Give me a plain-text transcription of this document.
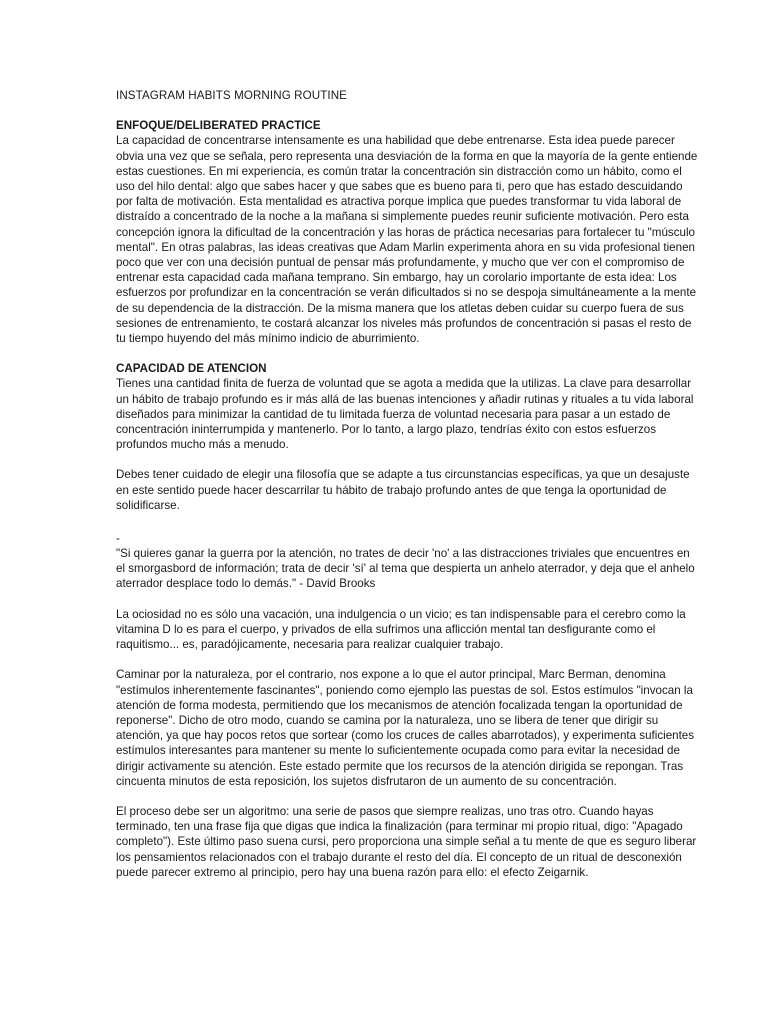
INSTAGRAM HABITS MORNING ROUTINE
ENFOQUE/DELIBERATED PRACTICE

La capacidad de concentrarse intensamente es una habilidad que debe entrenarse. Esta idea puede parecer obvia una vez que se señala, pero representa una desviación de la forma en que la mayoría de la gente entiende estas cuestiones. En mi experiencia, es común tratar la concentración sin distracción como un hábito, como el uso del hilo dental: algo que sabes hacer y que sabes que es bueno para ti, pero que has estado descuidando por falta de motivación. Esta mentalidad es atractiva porque implica que puedes transformar tu vida laboral de distraído a concentrado de la noche a la mañana si simplemente puedes reunir suficiente motivación. Pero esta concepción ignora la dificultad de la concentración y las horas de práctica necesarias para fortalecer tu "músculo mental". En otras palabras, las ideas creativas que Adam Marlin experimenta ahora en su vida profesional tienen poco que ver con una decisión puntual de pensar más profundamente, y mucho que ver con el compromiso de entrenar esta capacidad cada mañana temprano. Sin embargo, hay un corolario importante de esta idea: Los esfuerzos por profundizar en la concentración se verán dificultados si no se despoja simultáneamente a la mente de su dependencia de la distracción. De la misma manera que los atletas deben cuidar su cuerpo fuera de sus sesiones de entrenamiento, te costará alcanzar los niveles más profundos de concentración si pasas el resto de tu tiempo huyendo del más mínimo indicio de aburrimiento.

CAPACIDAD DE ATENCION

Tienes una cantidad finita de fuerza de voluntad que se agota a medida que la utilizas. La clave para desarrollar un hábito de trabajo profundo es ir más allá de las buenas intenciones y añadir rutinas y rituales a tu vida laboral diseñados para minimizar la cantidad de tu limitada fuerza de voluntad necesaria para pasar a un estado de concentración ininterrumpida y mantenerlo. Por lo tanto, a largo plazo, tendrías éxito con estos esfuerzos profundos mucho más a menudo.

Debes tener cuidado de elegir una filosofía que se adapte a tus circunstancias específicas, ya que un desajuste en este sentido puede hacer descarrilar tu hábito de trabajo profundo antes de que tenga la oportunidad de solidificarse.

-

"Si quieres ganar la guerra por la atención, no trates de decir 'no' a las distracciones triviales que encuentres en el smorgasbord de información; trata de decir 'sí' al tema que despierta un anhelo aterrador, y deja que el anhelo aterrador desplace todo lo demás." - David Brooks

La ociosidad no es sólo una vacación, una indulgencia o un vicio; es tan indispensable para el cerebro como la vitamina D lo es para el cuerpo, y privados de ella sufrimos una aflicción mental tan desfigurante como el raquitismo... es, paradójicamente, necesaria para realizar cualquier trabajo.

Caminar por la naturaleza, por el contrario, nos expone a lo que el autor principal, Marc Berman, denomina "estímulos inherentemente fascinantes", poniendo como ejemplo las puestas de sol. Estos estímulos "invocan la atención de forma modesta, permitiendo que los mecanismos de atención focalizada tengan la oportunidad de reponerse". Dicho de otro modo, cuando se camina por la naturaleza, uno se libera de tener que dirigir su atención, ya que hay pocos retos que sortear (como los cruces de calles abarrotados), y experimenta suficientes estímulos interesantes para mantener su mente lo suficientemente ocupada como para evitar la necesidad de dirigir activamente su atención. Este estado permite que los recursos de la atención dirigida se repongan. Tras cincuenta minutos de esta reposición, los sujetos disfrutaron de un aumento de su concentración.

El proceso debe ser un algoritmo: una serie de pasos que siempre realizas, uno tras otro. Cuando hayas terminado, ten una frase fija que digas que indica la finalización (para terminar mi propio ritual, digo: "Apagado completo"). Este último paso suena cursi, pero proporciona una simple señal a tu mente de que es seguro liberar los pensamientos relacionados con el trabajo durante el resto del día. El concepto de un ritual de desconexión puede parecer extremo al principio, pero hay una buena razón para ello: el efecto Zeigarnik.
